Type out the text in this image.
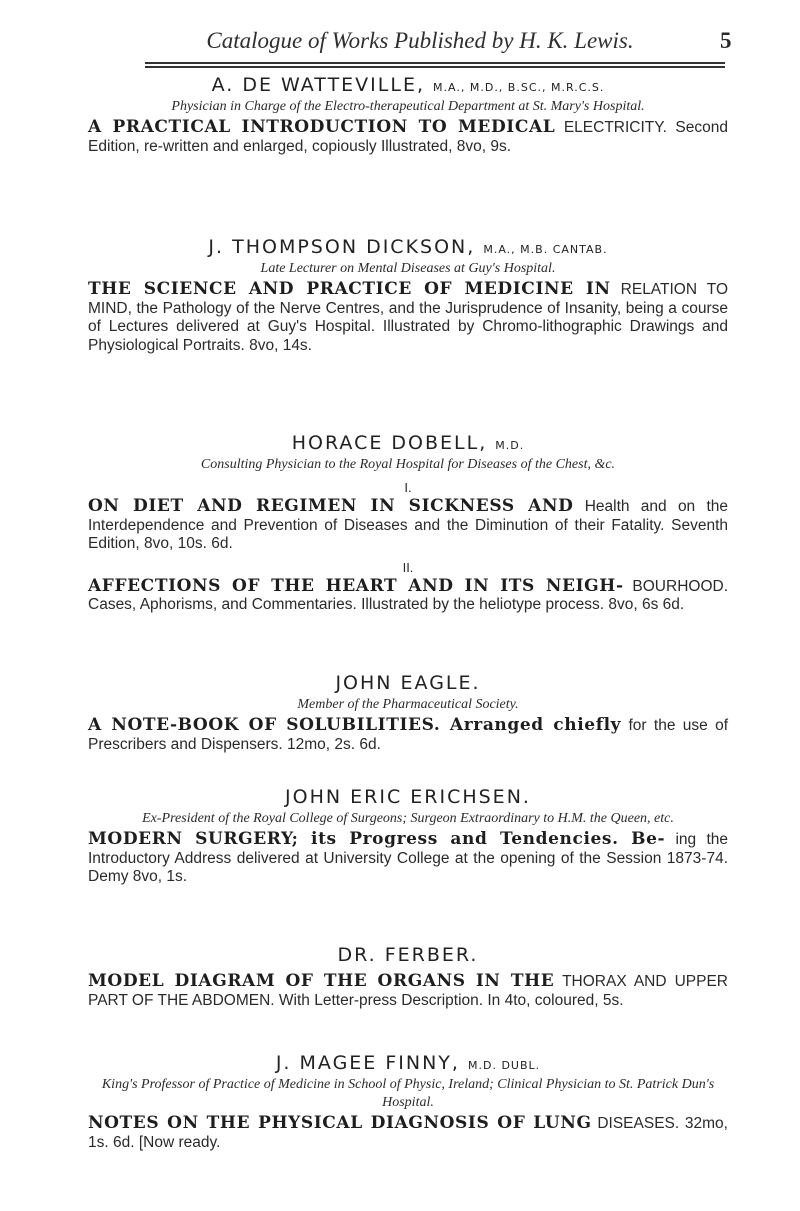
Catalogue of Works Published by H. K. Lewis.	5
A. DE WATTEVILLE, M.A., M.D., B.SC., M.R.C.S.
Physician in Charge of the Electro-therapeutical Department at St. Mary's Hospital.
A PRACTICAL INTRODUCTION TO MEDICAL ELECTRICITY. Second Edition, re-written and enlarged, copiously Illustrated, 8vo, 9s.
J. THOMPSON DICKSON, M.A., M.B. CANTAB.
Late Lecturer on Mental Diseases at Guy's Hospital.
THE SCIENCE AND PRACTICE OF MEDICINE IN RELATION TO MIND, the Pathology of the Nerve Centres, and the Jurisprudence of Insanity, being a course of Lectures delivered at Guy's Hospital. Illustrated by Chromo-lithographic Drawings and Physiological Portraits. 8vo, 14s.
HORACE DOBELL, M.D.
Consulting Physician to the Royal Hospital for Diseases of the Chest, &c.
I.
ON DIET AND REGIMEN IN SICKNESS AND Health and on the Interdependence and Prevention of Diseases and the Diminution of their Fatality. Seventh Edition, 8vo, 10s. 6d.
II.
AFFECTIONS OF THE HEART AND IN ITS NEIGH- BOURHOOD. Cases, Aphorisms, and Commentaries. Illustrated by the heliotype process. 8vo, 6s 6d.
JOHN EAGLE.
Member of the Pharmaceutical Society.
A NOTE-BOOK OF SOLUBILITIES. Arranged chiefly for the use of Prescribers and Dispensers. 12mo, 2s. 6d.
JOHN ERIC ERICHSEN.
Ex-President of the Royal College of Surgeons; Surgeon Extraordinary to H.M. the Queen, etc.
MODERN SURGERY; its Progress and Tendencies. Be- ing the Introductory Address delivered at University College at the opening of the Session 1873-74. Demy 8vo, 1s.
DR. FERBER.
MODEL DIAGRAM OF THE ORGANS IN THE THORAX AND UPPER PART OF THE ABDOMEN. With Letter-press Description. In 4to, coloured, 5s.
J. MAGEE FINNY, M.D. DUBL.
King's Professor of Practice of Medicine in School of Physic, Ireland; Clinical Physician to St. Patrick Dun's Hospital.
NOTES ON THE PHYSICAL DIAGNOSIS OF LUNG DISEASES. 32mo, 1s. 6d. [Now ready.
